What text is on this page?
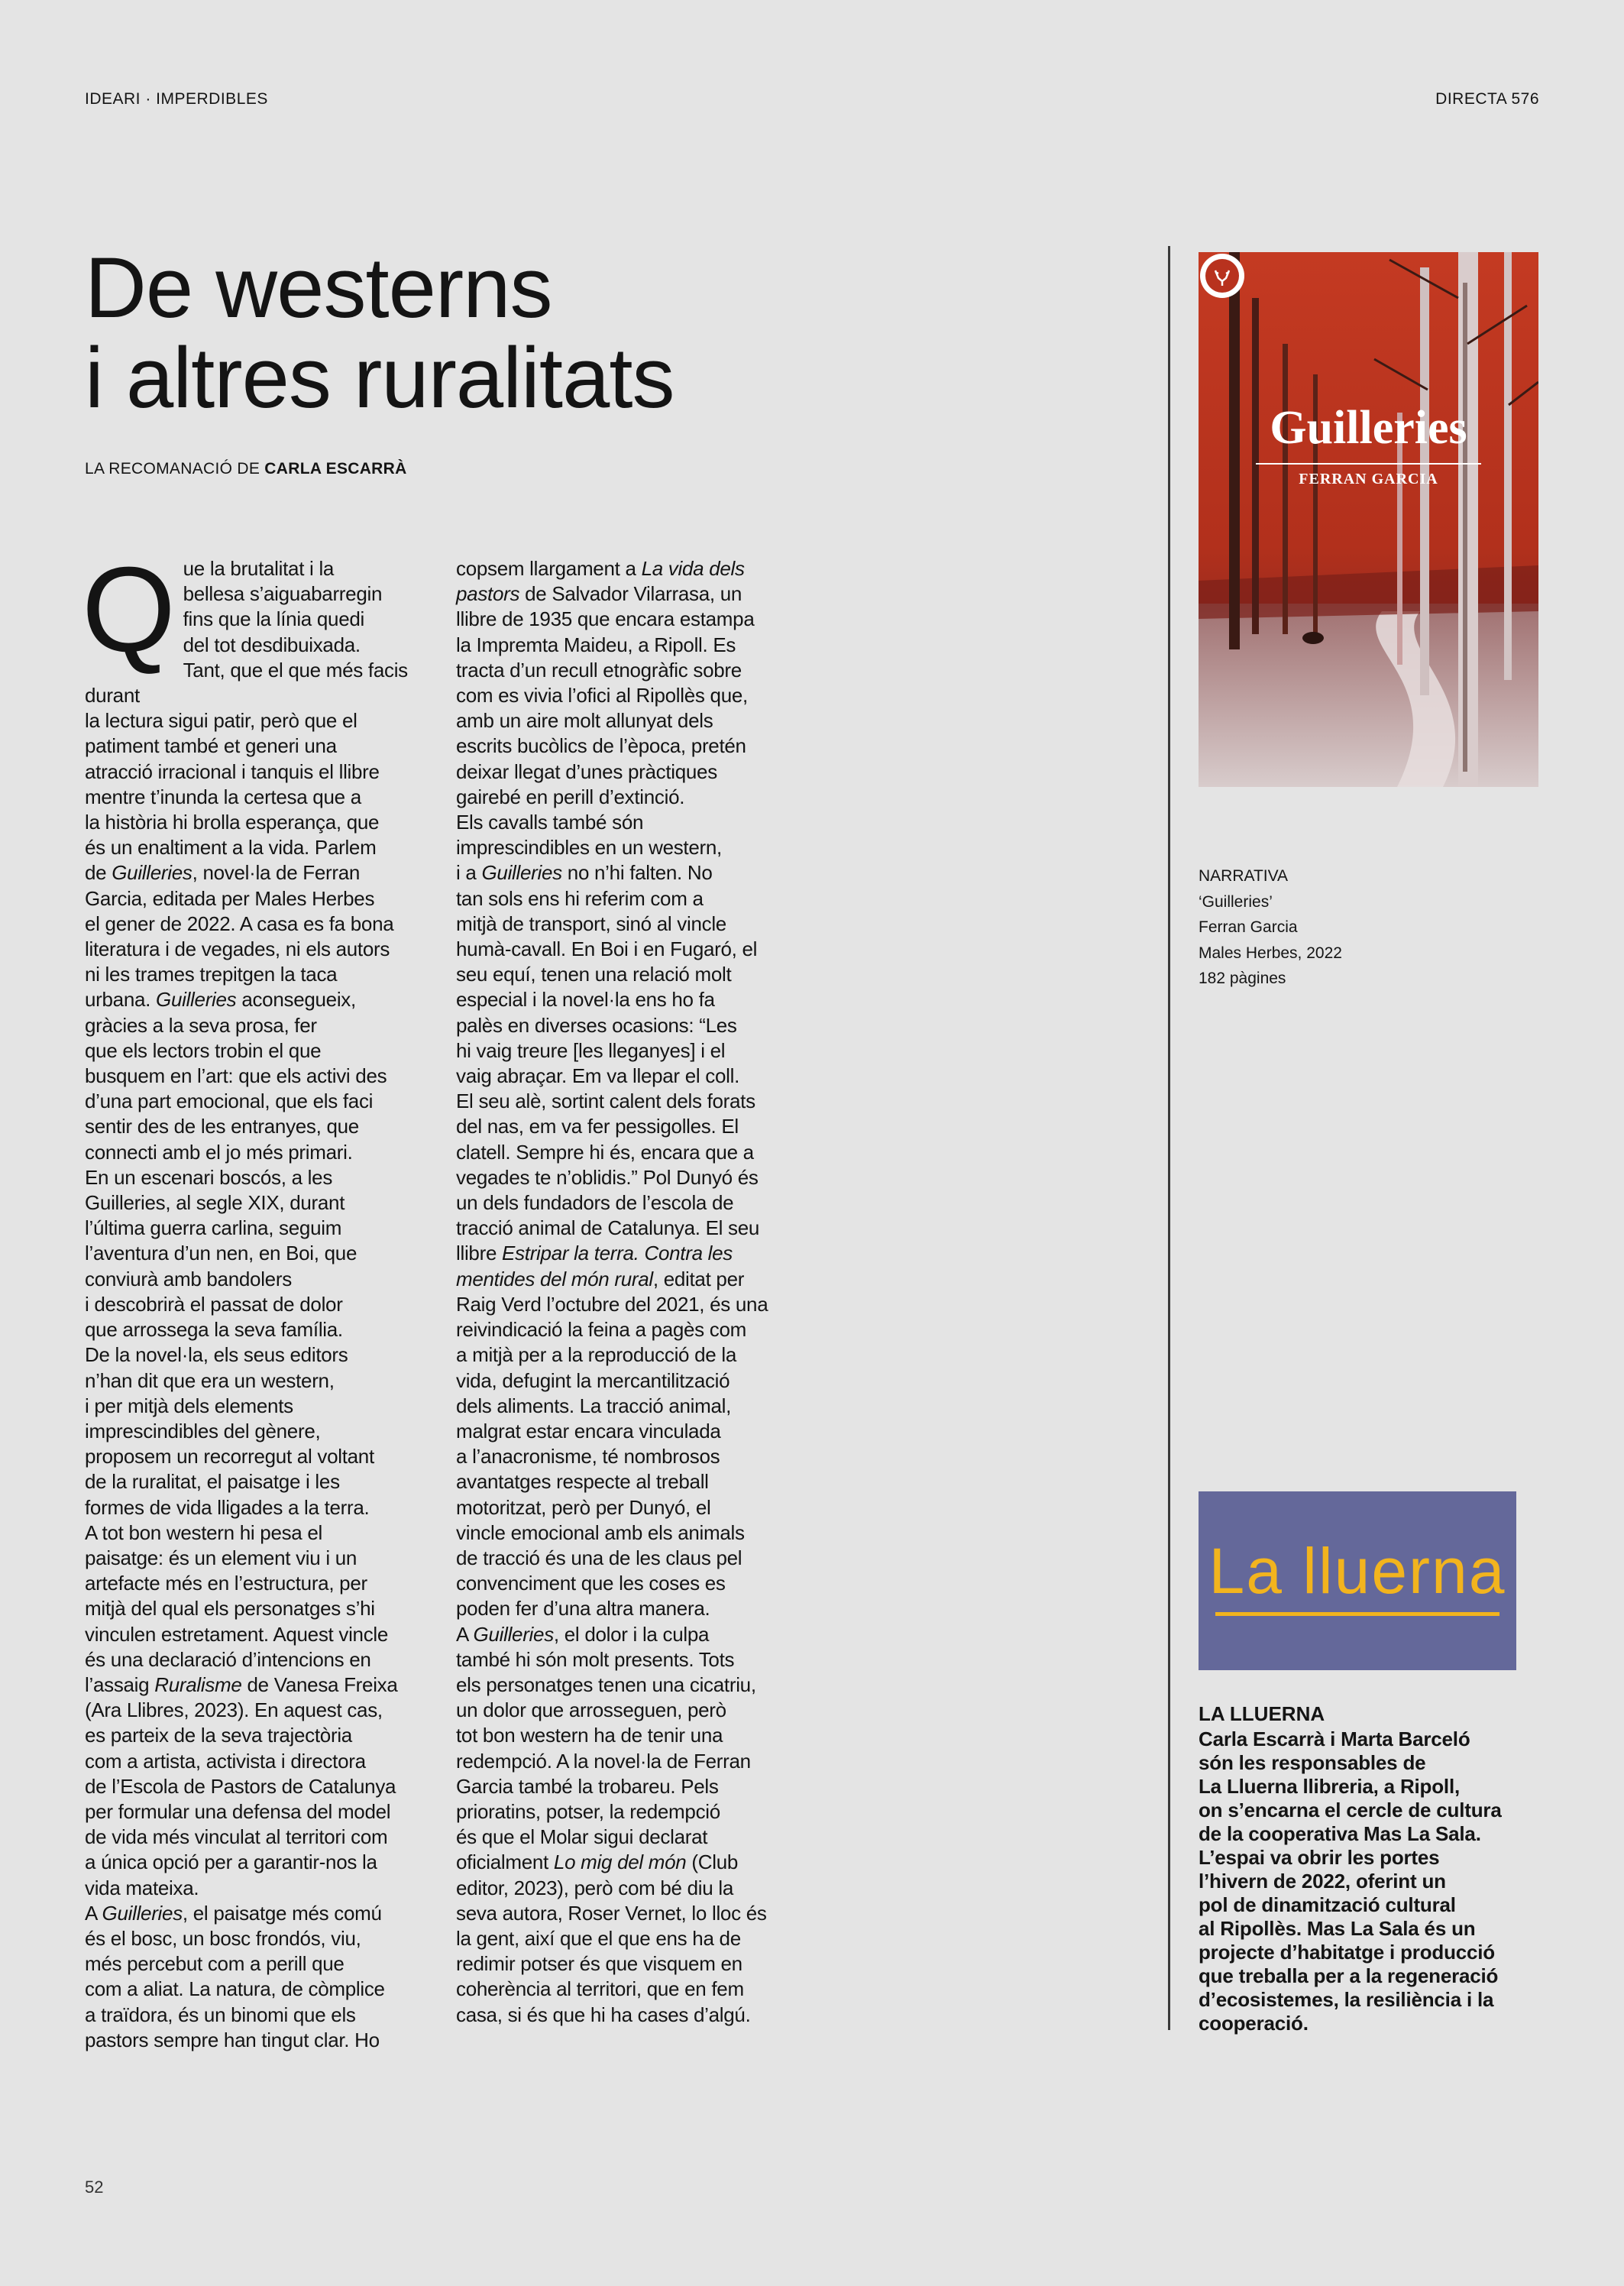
IDEARI · IMPERDIBLES	DIRECTA 576
De westerns
i altres ruralitats
LA RECOMANACIÓ DE CARLA ESCARRÀ
Q ue la brutalitat i la
bellesa s’aiguabarregin
fins que la línia quedi
del tot desdibuixada.
Tant, que el que més facis durant
la lectura sigui patir, però que el
patiment també et generi una
atracció irracional i tanquis el llibre
mentre t’inunda la certesa que a
la història hi brolla esperança, que
és un enaltiment a la vida. Parlem
de Guilleries, novel·la de Ferran
Garcia, editada per Males Herbes
el gener de 2022. A casa es fa bona
literatura i de vegades, ni els autors
ni les trames trepitgen la taca
urbana. Guilleries aconsegueix,
gràcies a la seva prosa, fer
que els lectors trobin el que
busquem en l’art: que els activi des
d’una part emocional, que els faci
sentir des de les entranyes, que
connecti amb el jo més primari.
En un escenari boscós, a les
Guilleries, al segle XIX, durant
l’última guerra carlina, seguim
l’aventura d’un nen, en Boi, que
conviurà amb bandolers
i descobrirà el passat de dolor
que arrossega la seva família.
De la novel·la, els seus editors
n’han dit que era un western,
i per mitjà dels elements
imprescindibles del gènere,
proposem un recorregut al voltant
de la ruralitat, el paisatge i les
formes de vida lligades a la terra.
A tot bon western hi pesa el
paisatge: és un element viu i un
artefacte més en l’estructura, per
mitjà del qual els personatges s’hi
vinculen estretament. Aquest vincle
és una declaració d’intencions en
l’assaig Ruralisme de Vanesa Freixa
(Ara Llibres, 2023). En aquest cas,
es parteix de la seva trajectòria
com a artista, activista i directora
de l’Escola de Pastors de Catalunya
per formular una defensa del model
de vida més vinculat al territori com
a única opció per a garantir-nos la
vida mateixa.
A Guilleries, el paisatge més comú
és el bosc, un bosc frondós, viu,
més percebut com a perill que
com a aliat. La natura, de còmplice
a traïdora, és un binomi que els
pastors sempre han tingut clar. Ho

copsem llargament a La vida dels
pastors de Salvador Vilarrasa, un
llibre de 1935 que encara estampa
la Impremta Maideu, a Ripoll. Es
tracta d’un recull etnogràfic sobre
com es vivia l’ofici al Ripollès que,
amb un aire molt allunyat dels
escrits bucòlics de l’època, pretén
deixar llegat d’unes pràctiques
gairebé en perill d’extinció.
Els cavalls també són
imprescindibles en un western,
i a Guilleries no n’hi falten. No
tan sols ens hi referim com a
mitjà de transport, sinó al vincle
humà-cavall. En Boi i en Fugaró, el
seu equí, tenen una relació molt
especial i la novel·la ens ho fa
palès en diverses ocasions: “Les
hi vaig treure [les lleganyes] i el
vaig abraçar. Em va llepar el coll.
El seu alè, sortint calent dels forats
del nas, em va fer pessigolles. El
clatell. Sempre hi és, encara que a
vegades te n’oblidis.” Pol Dunyó és
un dels fundadors de l’escola de
tracció animal de Catalunya. El seu
llibre Estripar la terra. Contra les
mentides del món rural, editat per
Raig Verd l’octubre del 2021, és una
reivindicació la feina a pagès com
a mitjà per a la reproducció de la
vida, defugint la mercantilització
dels aliments. La tracció animal,
malgrat estar encara vinculada
a l’anacronisme, té nombrosos
avantatges respecte al treball
motoritzat, però per Dunyó, el
vincle emocional amb els animals
de tracció és una de les claus pel
convenciment que les coses es
poden fer d’una altra manera.
A Guilleries, el dolor i la culpa
també hi són molt presents. Tots
els personatges tenen una cicatriu,
un dolor que arrosseguen, però
tot bon western ha de tenir una
redempció. A la novel·la de Ferran
Garcia també la trobareu. Pels
prioratins, potser, la redempció
és que el Molar sigui declarat
oficialment Lo mig del món (Club
editor, 2023), però com bé diu la
seva autora, Roser Vernet, lo lloc és
la gent, així que el que ens ha de
redimir potser és que visquem en
coherència al territori, que en fem
casa, si és que hi ha cases d’algú.

Guilleries
FERRAN GARCIA
NARRATIVA
‘Guilleries’
Ferran Garcia
Males Herbes, 2022
182 pàgines
La lluerna
LA LLUERNA
Carla Escarrà i Marta Barceló
són les responsables de
La Lluerna llibreria, a Ripoll,
on s’encarna el cercle de cultura
de la cooperativa Mas La Sala.
L’espai va obrir les portes
l’hivern de 2022, oferint un
pol de dinamització cultural
al Ripollès. Mas La Sala és un
projecte d’habitatge i producció
que treballa per a la regeneració
d’ecosistemes, la resiliència i la
cooperació.
52
